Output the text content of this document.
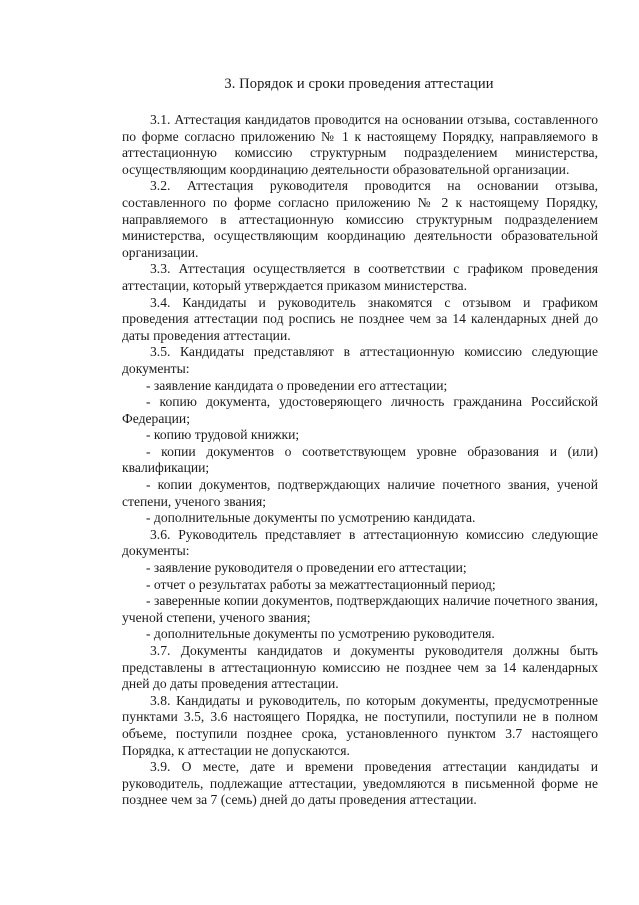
3. Порядок и сроки проведения аттестации

3.1. Аттестация кандидатов проводится на основании отзыва, составленного по форме согласно приложению № 1 к настоящему Порядку, направляемого в аттестационную комиссию структурным подразделением министерства, осуществляющим координацию деятельности образовательной организации.

3.2. Аттестация руководителя проводится на основании отзыва, составленного по форме согласно приложению № 2 к настоящему Порядку, направляемого в аттестационную комиссию структурным подразделением министерства, осуществляющим координацию деятельности образовательной организации.

3.3. Аттестация осуществляется в соответствии с графиком проведения аттестации, который утверждается приказом министерства.

3.4. Кандидаты и руководитель знакомятся с отзывом и графиком проведения аттестации под роспись не позднее чем за 14 календарных дней до даты проведения аттестации.

3.5. Кандидаты представляют в аттестационную комиссию следующие документы:

- заявление кандидата о проведении его аттестации;

- копию документа, удостоверяющего личность гражданина Российской Федерации;

- копию трудовой книжки;

- копии документов о соответствующем уровне образования и (или) квалификации;

- копии документов, подтверждающих наличие почетного звания, ученой степени, ученого звания;

- дополнительные документы по усмотрению кандидата.

3.6. Руководитель представляет в аттестационную комиссию следующие документы:

- заявление руководителя о проведении его аттестации;

- отчет о результатах работы за межаттестационный период;

- заверенные копии документов, подтверждающих наличие почетного звания, ученой степени, ученого звания;

- дополнительные документы по усмотрению руководителя.

3.7. Документы кандидатов и документы руководителя должны быть представлены в аттестационную комиссию не позднее чем за 14 календарных дней до даты проведения аттестации.

3.8. Кандидаты и руководитель, по которым документы, предусмотренные пунктами 3.5, 3.6 настоящего Порядка, не поступили, поступили не в полном объеме, поступили позднее срока, установленного пунктом 3.7 настоящего Порядка, к аттестации не допускаются.

3.9. О месте, дате и времени проведения аттестации кандидаты и руководитель, подлежащие аттестации, уведомляются в письменной форме не позднее чем за 7 (семь) дней до даты проведения аттестации.
